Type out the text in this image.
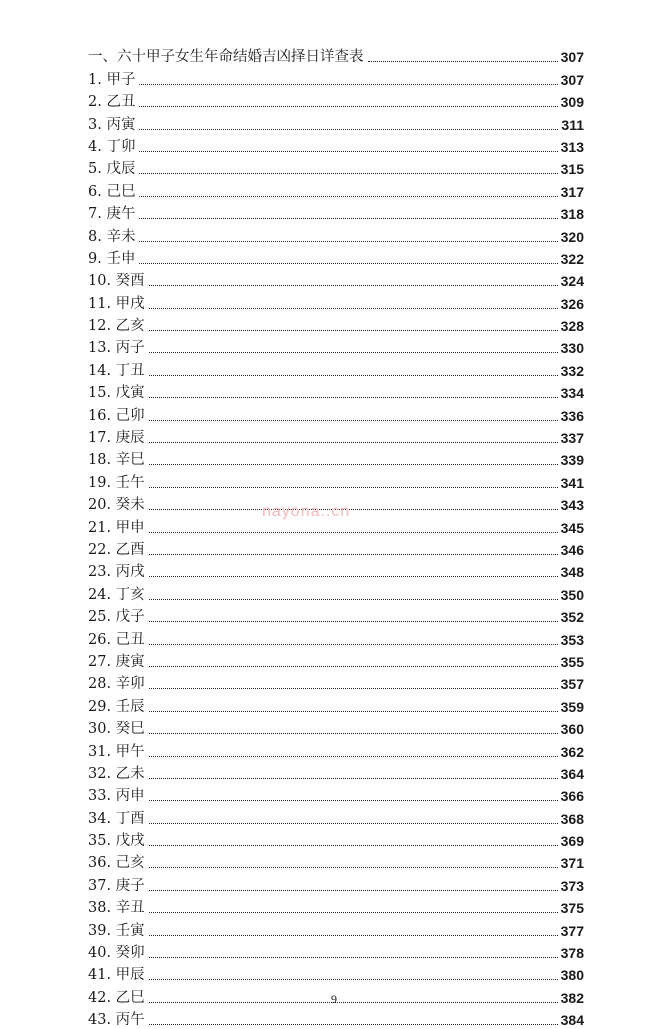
一、六十甲子女生年命结婚吉凶择日详查表	307
1. 甲子	307
2. 乙丑	309
3. 丙寅	311
4. 丁卯	313
5. 戊辰	315
6. 己巳	317
7. 庚午	318
8. 辛未	320
9. 壬申	322
10. 癸酉	324
11. 甲戌	326
12. 乙亥	328
13. 丙子	330
14. 丁丑	332
15. 戊寅	334
16. 己卯	336
17. 庚辰	337
18. 辛巳	339
19. 壬午	341
20. 癸未	343
21. 甲申	345
22. 乙酉	346
23. 丙戌	348
24. 丁亥	350
25. 戊子	352
26. 己丑	353
27. 庚寅	355
28. 辛卯	357
29. 壬辰	359
30. 癸巳	360
31. 甲午	362
32. 乙未	364
33. 丙申	366
34. 丁酉	368
35. 戊戌	369
36. 己亥	371
37. 庚子	373
38. 辛丑	375
39. 壬寅	377
40. 癸卯	378
41. 甲辰	380
42. 乙巳	382
43. 丙午	384
nayona..cn
9
